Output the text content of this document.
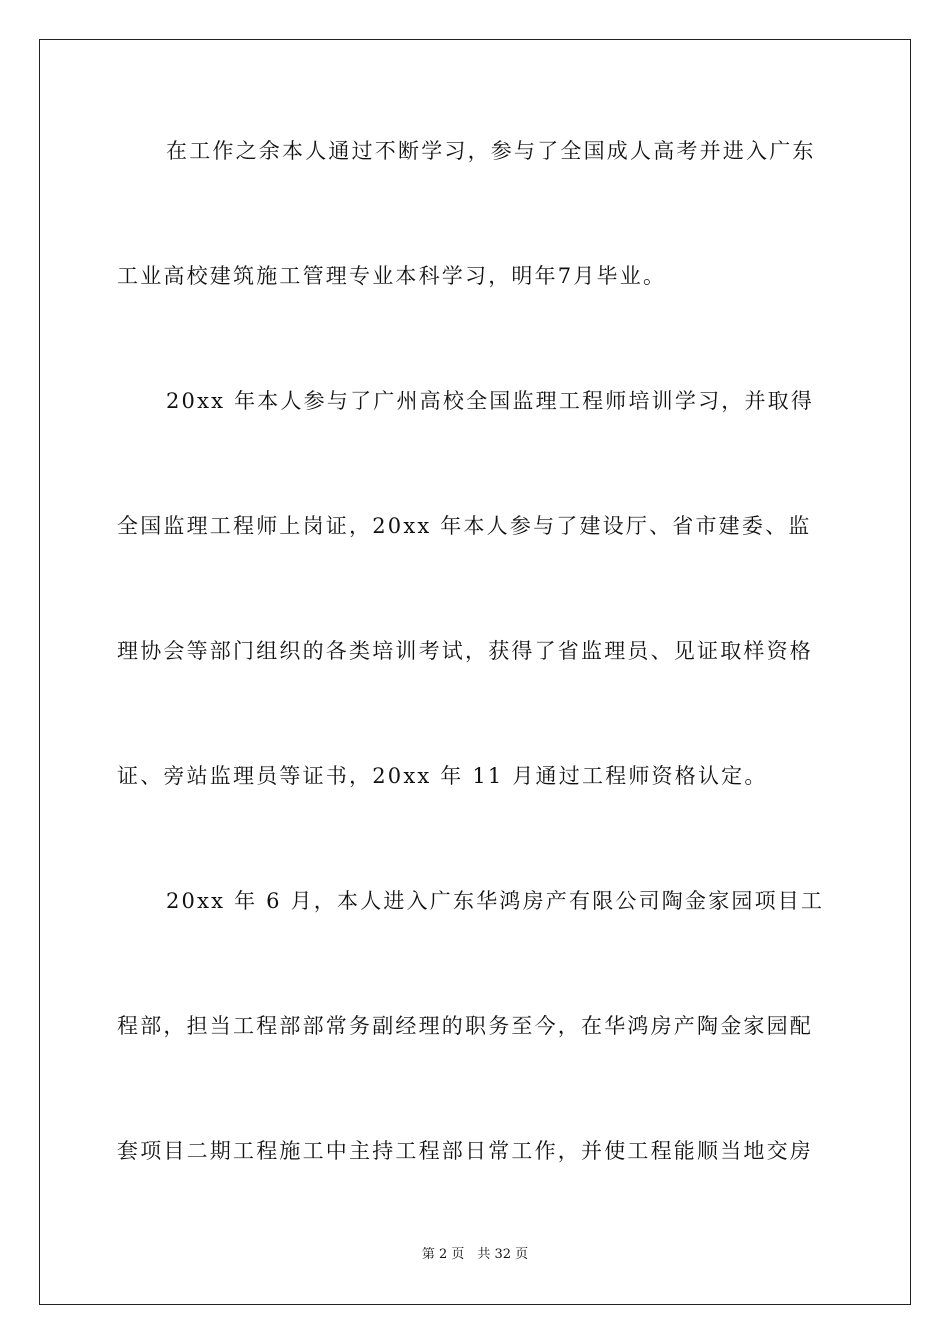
在工作之余本人通过不断学习，参与了全国成人高考并进入广东
工业高校建筑施工管理专业本科学习，明年7月毕业。
20xx 年本人参与了广州高校全国监理工程师培训学习，并取得
全国监理工程师上岗证，20xx 年本人参与了建设厅、省市建委、监
理协会等部门组织的各类培训考试，获得了省监理员、见证取样资格
证、旁站监理员等证书，20xx 年 11 月通过工程师资格认定。
20xx 年 6 月，本人进入广东华鸿房产有限公司陶金家园项目工
程部，担当工程部部常务副经理的职务至今，在华鸿房产陶金家园配
套项目二期工程施工中主持工程部日常工作，并使工程能顺当地交房
第 2 页　共 32 页
